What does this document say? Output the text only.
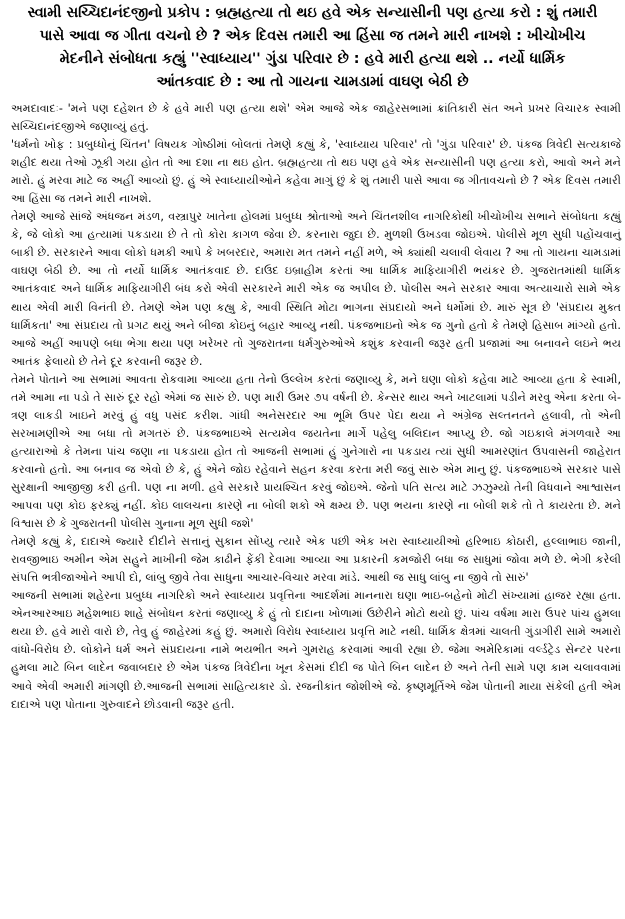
સ્વામી સચ્ચિદાનંદજીનો પ્રકોપ : બ્રહ્મહત્યા તો થઇ હવે એક સન્યાસીની પણ હત્યા કરો : શું તમારી
પાસે આવા જ ગીતા વચનો છે ? એક દિવસ તમારી આ હિંસા જ તમને મારી નાખશે : ખીચોખીચ
મેદનીને સંબોધતા કહ્યું ''સ્વાધ્યાય'' ગુંડા પરિવાર છે : હવે મારી હત્યા થશે .. નર્યો ધાર્મિક
આંતકવાદ છે : આ તો ગાયના ચામડામાં વાઘણ બેઠી છે

અમદાવાદઃ- 'મને પણ દહેશત છે કે હવે મારી પણ હત્યા થશે' એમ આજે એક જાહેરસભામાં ક્રાંતિકારી સંત અને પ્રખર વિચારક સ્વામી સચ્ચિદાનંદજીએ જણાવ્યું હતું.

'ધર્મનો ખોફ : પ્રબુધ્ધોનું ચિંતન' વિષયક ગોષ્ઠીમાં બોલતાં તેમણે કહ્યું કે, 'સ્વાધ્યાય પરિવાર' તો 'ગુંડા પરિવાર' છે. પંકજ ત્રિવેદી સત્યકાજે શહીદ થયા તેઓ ઝૂકી ગયા હોત તો આ દશા ના થઇ હોત. બ્રહ્મહત્યા તો થઇ પણ હવે એક સન્યાસીની પણ હત્યા કરો, આવો અને મને મારો. હું મરવા માટે જ અહીં આવ્યો છું. હું એ સ્વાધ્યાયીઓને કહેવા માગું છું કે શું તમારી પાસે આવા જ ગીતાવચનો છે ? એક દિવસ તમારી આ હિંસા જ તમને મારી નાખશે.

તેમણે આજે સાંજે અંધજન મંડળ, વસ્ત્રાપુર ખાતેના હોલમાં પ્રબુધ્ધ શ્રોતાઓ અને ચિંતનશીલ નાગરિકોથી ખીચોખીચ સભાને સંબોધતા કહ્યું કે, જે લોકો આ હત્યામાં પકડાયા છે તે તો કોરા કાગળ જેવા છે. કરનારા જુદા છે. મુળશી ઉખડવા જોઇએ. પોલીસે મૂળ સુધી પહોંચવાનું બાકી છે. સરકારને આવા લોકો ધમકી આપે કે ખબરદાર, અમારા મત તમને નહીં મળે, એ ક્યાંથી ચલાવી લેવાય ? આ તો ગાયના ચામડામાં વાઘણ બેઠી છે. આ તો નર્યો ધાર્મિક આતંકવાદ છે. દાઉદ ઇબ્રાહીમ કરતાં આ ધાર્મિક માફિયાગીરી ભયંકર છે. ગુજરાતમાંથી ધાર્મિક આતંકવાદ અને ધાર્મિક માફિયાગીરી બંધ કરો એવી સરકારને મારી એક જ અપીલ છે. પોલીસ અને સરકાર આવા અત્યાચારો સામે એક થાય એવી મારી વિનંતી છે. તેમણે એમ પણ કહ્યુ કે, આવી સ્થિતિ મોટા ભાગના સંપ્રદાયો અને ધર્મોમાં છે. મારું સૂત્ર છે 'સંપ્રદાય મુક્ત ધાર્મિકતા' આ સંપ્રદાય તો પ્રગટ થયું અને બીજા કોઇનું બહાર આવ્યુ નથી. પંકજભાઇનો એક જ ગુનો હતો કે તેમણે હિસાબ માંગ્યો હતો. આજે અહીં આપણે બધા ભેગા થયા પણ ખરેખર તો ગુજરાતના ધર્મગુરુઓએ કશુંક કરવાની જરૂર હતી પ્રજામાં આ બનાવને લઇને ભય આતંક ફેલાયો છે તેને દૂર કરવાની જરૂર છે.

તેમને પોતાને આ સભામાં આવતા રોકવામા આવ્યા હતા તેનો ઉલ્લેખ કરતાં જણાવ્યુ કે, મને ઘણા લોકો કહેવા માટે આવ્યા હતા કે સ્વામી, તમે આમા ના પડો તે સારું દૂર રહો એમાં જ સારું છે. પણ મારી ઉમર ૭૫ વર્ષની છે. કેન્સર થાય અને ખાટલામાં પડીને મરવુ એના કરતા બે-ત્રણ લાકડી ખાઇને મરવું હું વધુ પસંદ કરીશ. ગાંધી અનેસરદાર આ ભૂમિ ઉપર પેદા થયા ને અંગ્રેજ સલ્તનતને હલાવી, તો એની સરખામણીએ આ બધા તો મગતરું છે. પંકજભાઇએ સત્યમેવ જયતેના માર્ગે પહેલુ બલિદાન આપ્યુ છે. જો ગઇકાલે મંગળવારે આ હત્યારાઓ કે તેમના પાંચ જણા ના પકડાયા હોત તો આજની સભામાં હું ગુનેગારો ના પકડાય ત્યાં સુધી આમરણાંત ઉપવાસની જાહેરાત કરવાનો હતો. આ બનાવ જ એવો છે કે, હું એને જોઇ રહેવાને સહન કરવા કરતા મરી જવું સારુ એમ માનુ છું. પંકજભાઇએ સરકાર પાસે સુરક્ષાની આજીજી કરી હતી. પણ ના મળી. હવે સરકારે પ્રાયશ્ચિત કરવું જોઇએ. જેનો પતિ સત્ય માટે ઝઝુમ્યો તેની વિધવાને આશ્વાસન આપવા પણ કોઇ ફરક્યું નહીં. કોઇ લાલચના કારણે ના બોલી શકો એ ક્ષમ્ય છે. પણ ભયના કારણે ના બોલી શકે તો તે કાયરતા છે. મને વિશ્વાસ છે કે ગુજરાતની પોલીસ ગુનાના મૂળ સુધી જશે'

તેમણે કહ્યું કે, દાદાએ જ્યારે દીદીને સત્તાનું સુકાન સોંપ્યુ ત્યારે એક પછી એક ખરા સ્વાધ્યાયીઓ હરિભાઇ કોઠારી, હલ્લાભાઇ જાની, રાવજીભાઇ અમીન એમ સહુને માખીની જેમ કાઢીને ફેંકી દેવામા આવ્યા આ પ્રકારની કમજોરી બધા જ સાધુમાં જોવા મળે છે. ભેગી કરેલી સંપત્તિ ભત્રીજાઓને આપી દો, લાંબુ જીવે તેવા સાધુના આચાર-વિચાર મરવા માંડે. આથી જ સાધુ લાંબુ ના જીવે તો સારું'

આજની સભામાં શહેરના પ્રબુધ્ધ નાગરિકો અને સ્વાધ્યાય પ્રવૃત્તિના આદર્શમાં માનનારા ઘણા ભાઇ-બહેનો મોટી સંખ્યામાં હાજર રહ્યા હતા. એનઆરઆઇ મહેશભાઇ શાહે સંબોધન કરતાં જણાવ્યુ કે હું તો દાદાના ખોળામાં ઉછેરીને મોટો થયો છું. પાંચ વર્ષમા મારા ઉપર પાંચ હુમલા થયા છે. હવે મારો વારો છે, તેવુ હું જાહેરમાં કહું છું. અમારો વિરોધ સ્વાધ્યાય પ્રવૃત્તિ માટે નથી. ધાર્મિક ક્ષેત્રમાં ચાલતી ગુંડાગીરી સામે અમારો વાંધો-વિરોધ છે. લોકોને ધર્મ અને સંપ્રદાયના નામે ભયભીત અને ગુમરાહ કરવામાં આવી રહ્યા છે. જેમા અમેરિકામાં વર્લ્ડટ્રેડ સેન્ટર પરના હુમલા માટે બિન લાદેન જવાબદાર છે એમ પંકજ ત્રિવેદીના ખૂન કેસમાં દીદી જ પોતે બિન લાદેન છે અને તેની સામે પણ કામ ચલાવવામાં આવે એવી અમારી માંગણી છે.આજની સભામાં સાહિત્યકાર ડો. રજનીકાંત જોશીએ જે. કૃષ્ણમૂર્તિએ જેમ પોતાની માયા સંકેલી હતી એમ દાદાએ પણ પોતાના ગુરુવાદને છોડવાની જરૂર હતી.
